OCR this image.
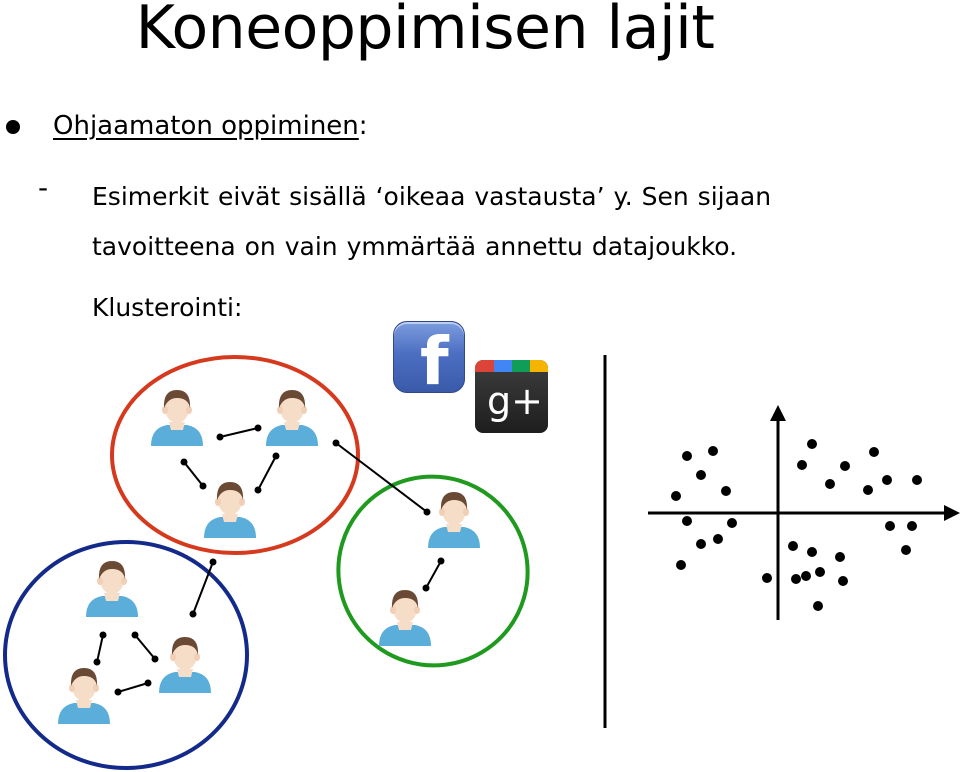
Koneoppimisen lajit
Ohjaamaton oppiminen:
- Esimerkit eivät sisällä ‘oikeaa vastausta’ y. Sen sijaan tavoitteena on vain ymmärtää annettu datajoukko.
Klusterointi:
f
g+
